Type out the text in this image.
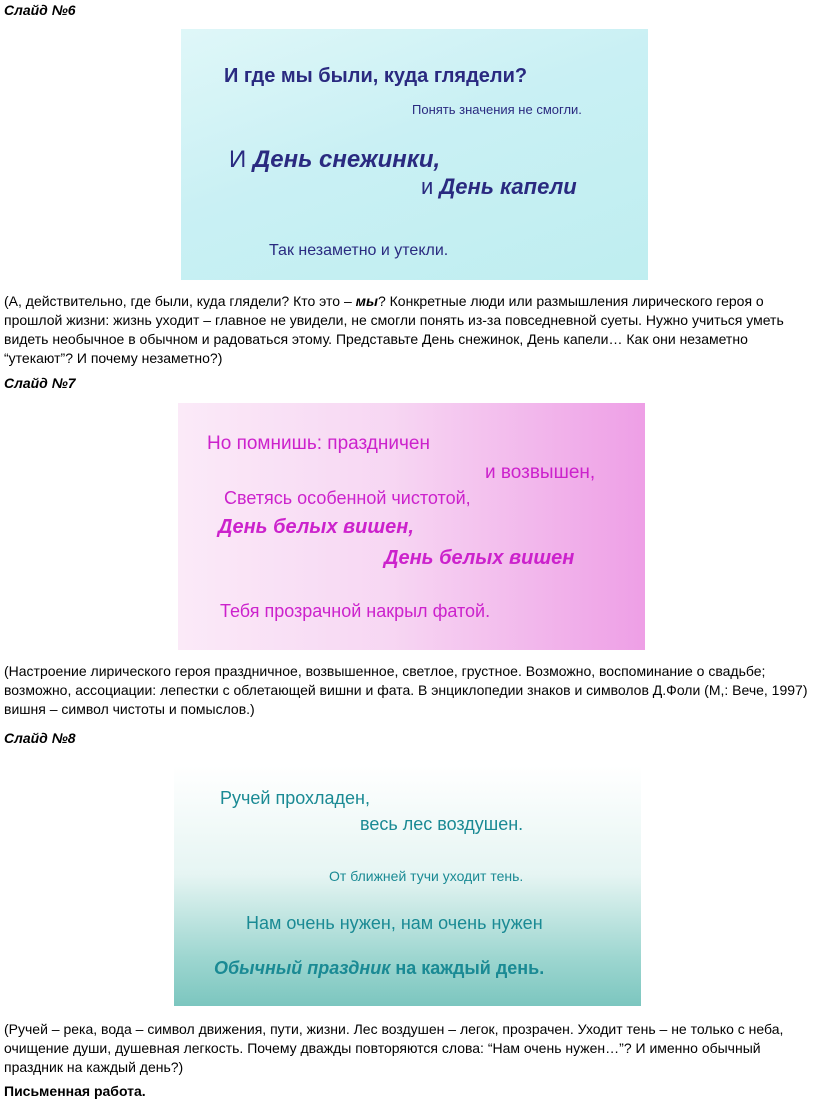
Слайд №6

И где мы были, куда глядели?
Понять значения не смогли.
И День снежинки,
и День капели
Так незаметно и утекли.

(А, действительно, где были, куда глядели? Кто это – мы? Конкретные люди или размышления лирического героя о прошлой жизни: жизнь уходит – главное не увидели, не смогли понять из-за повседневной суеты. Нужно учиться уметь видеть необычное в обычном и радоваться этому. Представьте День снежинок, День капели… Как они незаметно “утекают”? И почему незаметно?)

Слайд №7

Но помнишь: праздничен
и возвышен,
Светясь особенной чистотой,
День белых вишен,
День белых вишен
Тебя прозрачной накрыл фатой.

(Настроение лирического героя праздничное, возвышенное, светлое, грустное. Возможно, воспоминание о свадьбе; возможно, ассоциации: лепестки с облетающей вишни и фата. В энциклопедии знаков и символов Д.Фоли (М,: Вече, 1997) вишня – символ чистоты и помыслов.)

Слайд №8

Ручей прохладен,
весь лес воздушен.
От ближней тучи уходит тень.
Нам очень нужен, нам очень нужен
Обычный праздник на каждый день.

(Ручей – река, вода – символ движения, пути, жизни. Лес воздушен – легок, прозрачен. Уходит тень – не только с неба, очищение души, душевная легкость. Почему дважды повторяются слова: “Нам очень нужен…”? И именно обычный праздник на каждый день?)

Письменная работа.
